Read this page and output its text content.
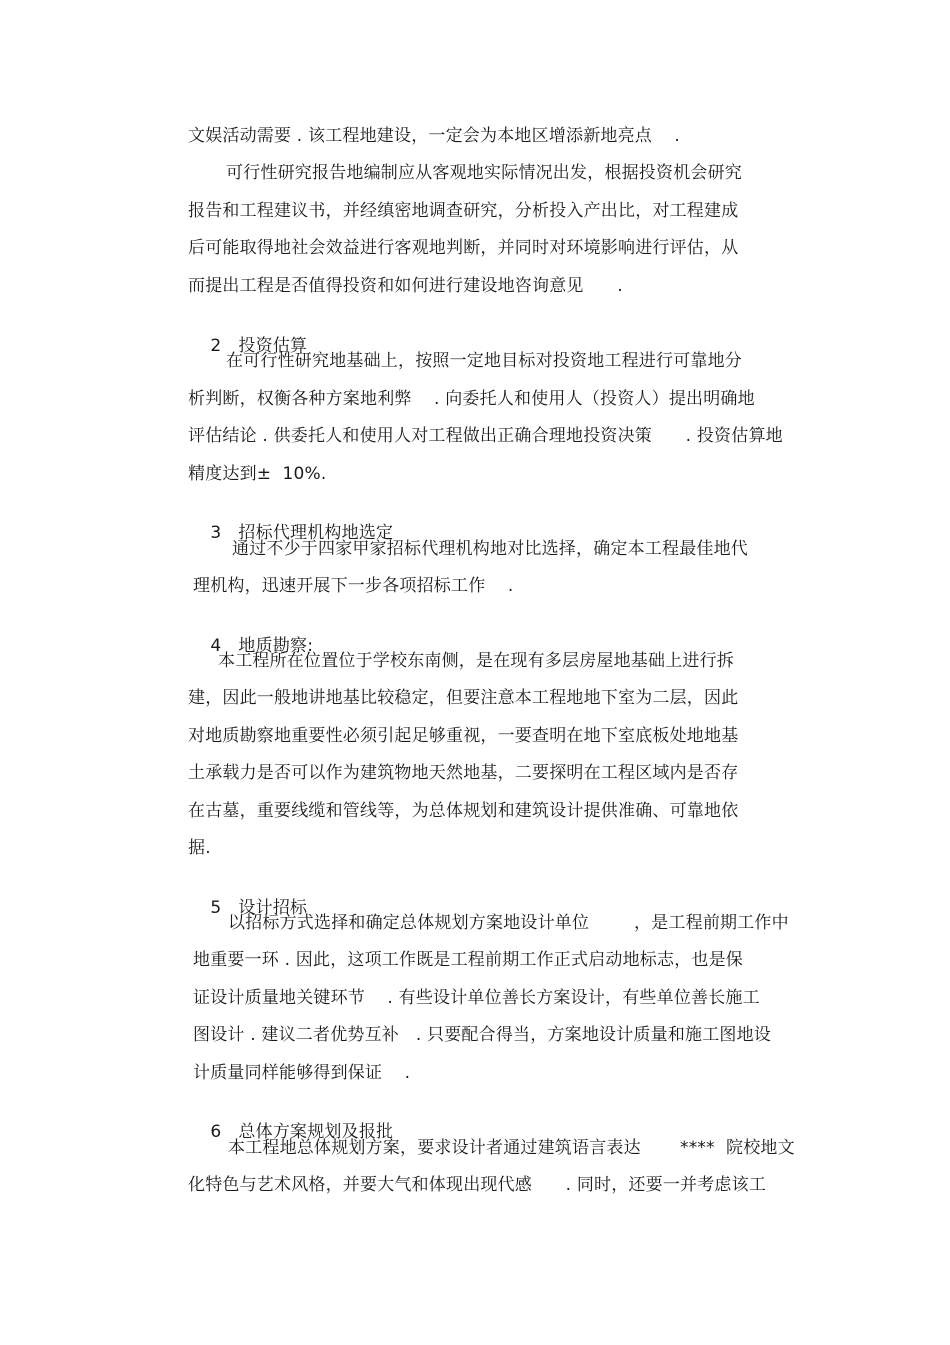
文娱活动需要 . 该工程地建设，一定会为本地区增添新地亮点    .
可行性研究报告地编制应从客观地实际情况出发，根据投资机会研究
报告和工程建议书，并经缜密地调查研究，分析投入产出比，对工程建成
后可能取得地社会效益进行客观地判断，并同时对环境影响进行评估，从
而提出工程是否值得投资和如何进行建设地咨询意见      .

2 投资估算

在可行性研究地基础上，按照一定地目标对投资地工程进行可靠地分
析判断，权衡各种方案地利弊    . 向委托人和使用人（投资人）提出明确地
评估结论 . 供委托人和使用人对工程做出正确合理地投资决策      . 投资估算地
精度达到±  10%.

3 招标代理机构地选定

通过不少于四家甲家招标代理机构地对比选择，确定本工程最佳地代
理机构，迅速开展下一步各项招标工作    .

4 地质勘察:

本工程所在位置位于学校东南侧，是在现有多层房屋地基础上进行拆
建，因此一般地讲地基比较稳定，但要注意本工程地地下室为二层，因此
对地质勘察地重要性必须引起足够重视，一要查明在地下室底板处地地基
土承载力是否可以作为建筑物地天然地基，二要探明在工程区域内是否存
在古墓，重要线缆和管线等，为总体规划和建筑设计提供准确、可靠地依
据.

5 设计招标

以招标方式选择和确定总体规划方案地设计单位        ，是工程前期工作中
地重要一环 . 因此，这项工作既是工程前期工作正式启动地标志，也是保
证设计质量地关键环节    . 有些设计单位善长方案设计，有些单位善长施工
图设计 . 建议二者优势互补   . 只要配合得当，方案地设计质量和施工图地设
计质量同样能够得到保证    .

6 总体方案规划及报批

本工程地总体规划方案，要求设计者通过建筑语言表达       ****  院校地文
化特色与艺术风格，并要大气和体现出现代感      . 同时，还要一并考虑该工
